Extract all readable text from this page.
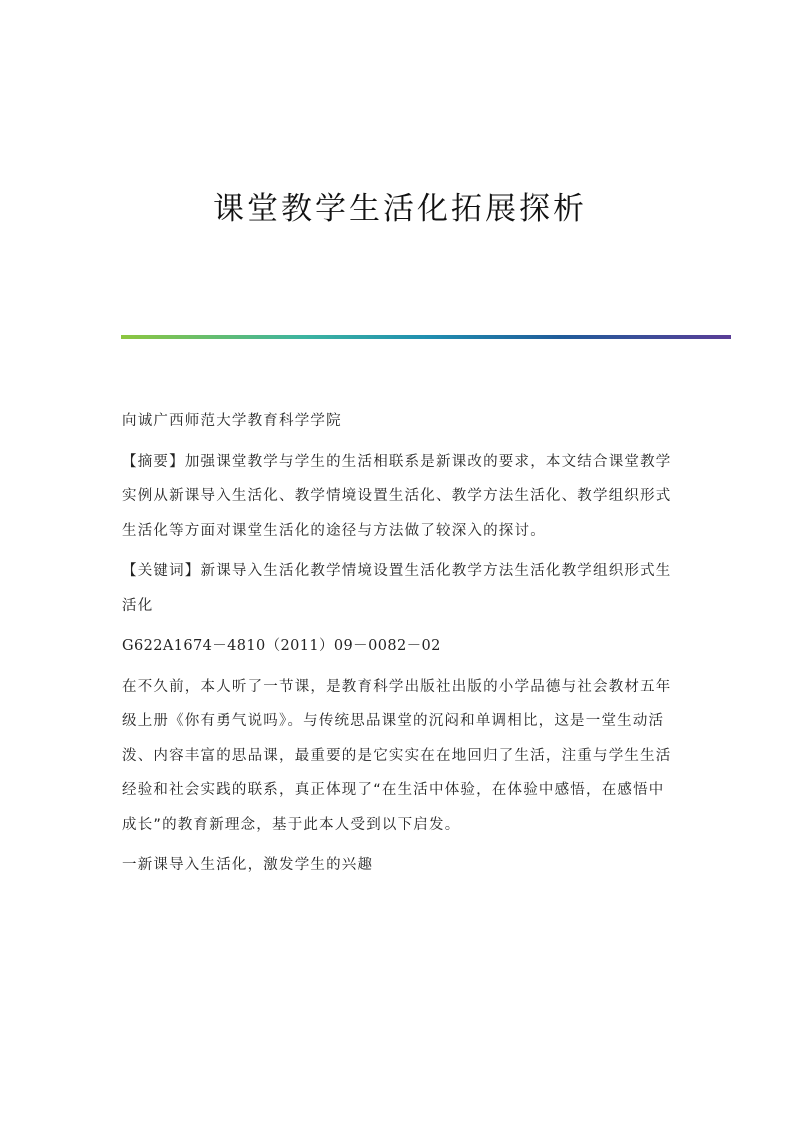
课堂教学生活化拓展探析

向诚广西师范大学教育科学学院

【摘要】加强课堂教学与学生的生活相联系是新课改的要求，本文结合课堂教学实例从新课导入生活化、教学情境设置生活化、教学方法生活化、教学组织形式生活化等方面对课堂生活化的途径与方法做了较深入的探讨。

【关键词】新课导入生活化教学情境设置生活化教学方法生活化教学组织形式生活化

G622A1674－4810（2011）09－0082－02

在不久前，本人听了一节课，是教育科学出版社出版的小学品德与社会教材五年级上册《你有勇气说吗》。与传统思品课堂的沉闷和单调相比，这是一堂生动活泼、内容丰富的思品课，最重要的是它实实在在地回归了生活，注重与学生生活经验和社会实践的联系，真正体现了“在生活中体验，在体验中感悟，在感悟中成长”的教育新理念，基于此本人受到以下启发。

一新课导入生活化，激发学生的兴趣
